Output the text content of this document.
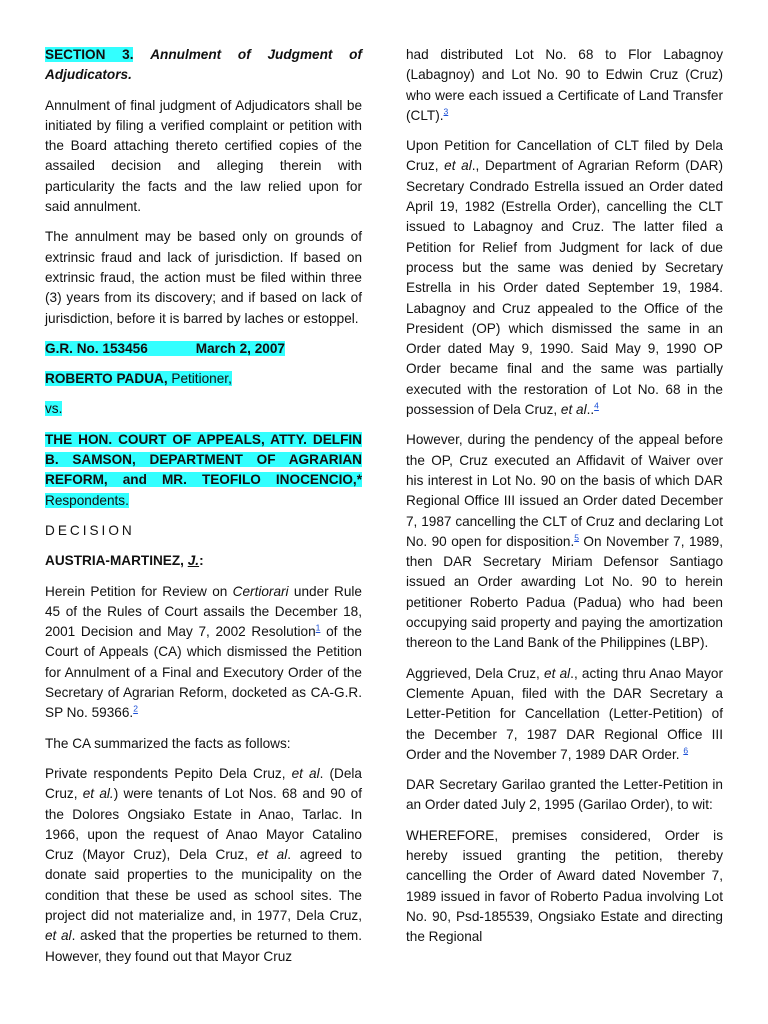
SECTION 3. Annulment of Judgment of Adjudicators.

Annulment of final judgment of Adjudicators shall be initiated by filing a verified complaint or petition with the Board attaching thereto certified copies of the assailed decision and alleging therein with particularity the facts and the law relied upon for said annulment.

The annulment may be based only on grounds of extrinsic fraud and lack of jurisdiction. If based on extrinsic fraud, the action must be filed within three (3) years from its discovery; and if based on lack of jurisdiction, before it is barred by laches or estoppel.

G.R. No. 153456	March 2, 2007

ROBERTO PADUA, Petitioner,

vs.

THE HON. COURT OF APPEALS, ATTY. DELFIN B. SAMSON, DEPARTMENT OF AGRARIAN REFORM, and MR. TEOFILO INOCENCIO,* Respondents.

DECISION

AUSTRIA-MARTINEZ, J.:

Herein Petition for Review on Certiorari under Rule 45 of the Rules of Court assails the December 18, 2001 Decision and May 7, 2002 Resolution$^1$ of the Court of Appeals (CA) which dismissed the Petition for Annulment of a Final and Executory Order of the Secretary of Agrarian Reform, docketed as CA-G.R. SP No. 59366.$^2$

The CA summarized the facts as follows:

Private respondents Pepito Dela Cruz, et al. (Dela Cruz, et al.) were tenants of Lot Nos. 68 and 90 of the Dolores Ongsiako Estate in Anao, Tarlac. In 1966, upon the request of Anao Mayor Catalino Cruz (Mayor Cruz), Dela Cruz, et al. agreed to donate said properties to the municipality on the condition that these be used as school sites. The project did not materialize and, in 1977, Dela Cruz, et al. asked that the properties be returned to them. However, they found out that Mayor Cruz

had distributed Lot No. 68 to Flor Labagnoy (Labagnoy) and Lot No. 90 to Edwin Cruz (Cruz) who were each issued a Certificate of Land Transfer (CLT).$^3$

Upon Petition for Cancellation of CLT filed by Dela Cruz, et al., Department of Agrarian Reform (DAR) Secretary Condrado Estrella issued an Order dated April 19, 1982 (Estrella Order), cancelling the CLT issued to Labagnoy and Cruz. The latter filed a Petition for Relief from Judgment for lack of due process but the same was denied by Secretary Estrella in his Order dated September 19, 1984. Labagnoy and Cruz appealed to the Office of the President (OP) which dismissed the same in an Order dated May 9, 1990. Said May 9, 1990 OP Order became final and the same was partially executed with the restoration of Lot No. 68 in the possession of Dela Cruz, et al..$^4$

However, during the pendency of the appeal before the OP, Cruz executed an Affidavit of Waiver over his interest in Lot No. 90 on the basis of which DAR Regional Office III issued an Order dated December 7, 1987 cancelling the CLT of Cruz and declaring Lot No. 90 open for disposition.$^5$ On November 7, 1989, then DAR Secretary Miriam Defensor Santiago issued an Order awarding Lot No. 90 to herein petitioner Roberto Padua (Padua) who had been occupying said property and paying the amortization thereon to the Land Bank of the Philippines (LBP).

Aggrieved, Dela Cruz, et al., acting thru Anao Mayor Clemente Apuan, filed with the DAR Secretary a Letter-Petition for Cancellation (Letter-Petition) of the December 7, 1987 DAR Regional Office III Order and the November 7, 1989 DAR Order. $^6$

DAR Secretary Garilao granted the Letter-Petition in an Order dated July 2, 1995 (Garilao Order), to wit:

WHEREFORE, premises considered, Order is hereby issued granting the petition, thereby cancelling the Order of Award dated November 7, 1989 issued in favor of Roberto Padua involving Lot No. 90, Psd-185539, Ongsiako Estate and directing the Regional
